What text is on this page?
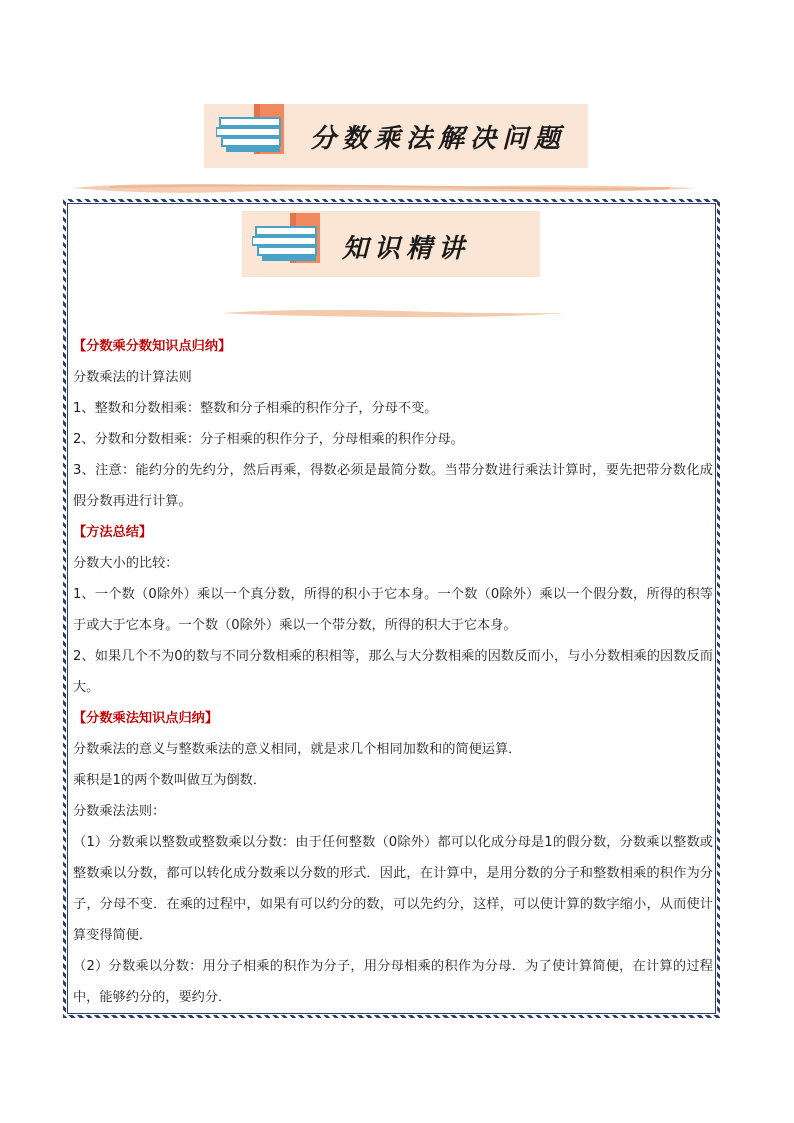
分数乘法解决问题
知识精讲

【分数乘分数知识点归纳】

分数乘法的计算法则

1、整数和分数相乘：整数和分子相乘的积作分子，分母不变。

2、分数和分数相乘：分子相乘的积作分子，分母相乘的积作分母。

3、注意：能约分的先约分，然后再乘，得数必须是最简分数。当带分数进行乘法计算时，要先把带分数化成假分数再进行计算。

【方法总结】

分数大小的比较：

1、一个数（0除外）乘以一个真分数，所得的积小于它本身。一个数（0除外）乘以一个假分数，所得的积等于或大于它本身。一个数（0除外）乘以一个带分数，所得的积大于它本身。

2、如果几个不为0的数与不同分数相乘的积相等，那么与大分数相乘的因数反而小，与小分数相乘的因数反而大。

【分数乘法知识点归纳】

分数乘法的意义与整数乘法的意义相同，就是求几个相同加数和的简便运算．

乘积是1的两个数叫做互为倒数．

分数乘法法则：

（1）分数乘以整数或整数乘以分数：由于任何整数（0除外）都可以化成分母是1的假分数，分数乘以整数或整数乘以分数，都可以转化成分数乘以分数的形式．因此，在计算中，是用分数的分子和整数相乘的积作为分子，分母不变．在乘的过程中，如果有可以约分的数，可以先约分，这样，可以使计算的数字缩小，从而使计算变得简便．

（2）分数乘以分数：用分子相乘的积作为分子，用分母相乘的积作为分母．为了使计算简便，在计算的过程中，能够约分的，要约分．
